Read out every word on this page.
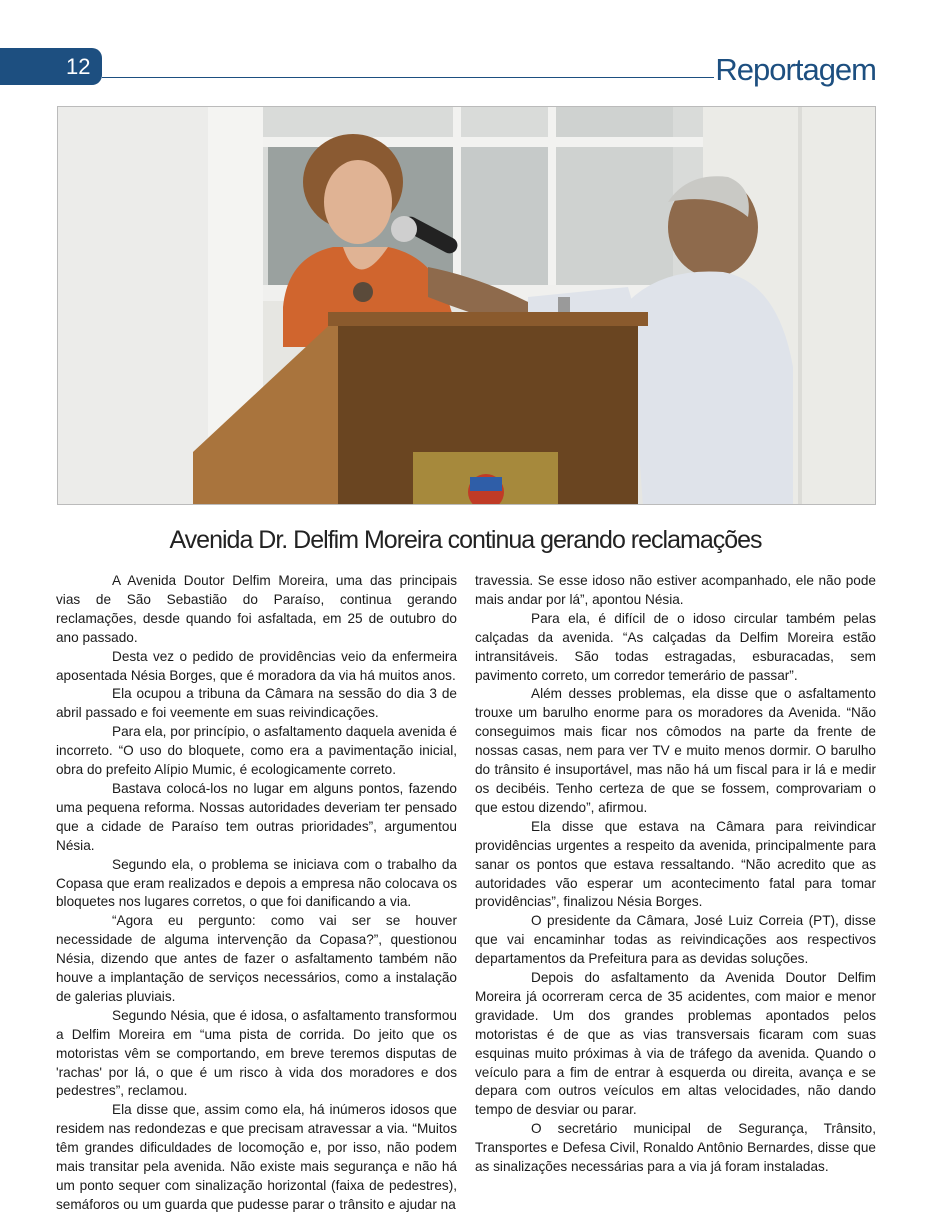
12	Reportagem
Avenida Dr. Delfim Moreira continua gerando reclamações

A Avenida Doutor Delfim Moreira, uma das principais vias de São Sebastião do Paraíso, continua gerando reclamações, desde quando foi asfaltada, em 25 de outubro do ano passado.

Desta vez o pedido de providências veio da enfermeira aposentada Nésia Borges, que é moradora da via há muitos anos.

Ela ocupou a tribuna da Câmara na sessão do dia 3 de abril passado e foi veemente em suas reivindicações.

Para ela, por princípio, o asfaltamento daquela avenida é incorreto. “O uso do bloquete, como era a pavimentação inicial, obra do prefeito Alípio Mumic, é ecologicamente correto.

Bastava colocá-los no lugar em alguns pontos, fazendo uma pequena reforma. Nossas autoridades deveriam ter pensado que a cidade de Paraíso tem outras prioridades”, argumentou Nésia.

Segundo ela, o problema se iniciava com o trabalho da Copasa que eram realizados e depois a empresa não colocava os bloquetes nos lugares corretos, o que foi danificando a via.

“Agora eu pergunto: como vai ser se houver necessidade de alguma intervenção da Copasa?”, questionou Nésia, dizendo que antes de fazer o asfaltamento também não houve a implantação de serviços necessários, como a instalação de galerias pluviais.

Segundo Nésia, que é idosa, o asfaltamento transformou a Delfim Moreira em “uma pista de corrida. Do jeito que os motoristas vêm se comportando, em breve teremos disputas de 'rachas' por lá, o que é um risco à vida dos moradores e dos pedestres”, reclamou.

Ela disse que, assim como ela, há inúmeros idosos que residem nas redondezas e que precisam atravessar a via. “Muitos têm grandes dificuldades de locomoção e, por isso, não podem mais transitar pela avenida. Não existe mais segurança e não há um ponto sequer com sinalização horizontal (faixa de pedestres), semáforos ou um guarda que pudesse parar o trânsito e ajudar na

travessia. Se esse idoso não estiver acompanhado, ele não pode mais andar por lá”, apontou Nésia.

Para ela, é difícil de o idoso circular também pelas calçadas da avenida. “As calçadas da Delfim Moreira estão intransitáveis. São todas estragadas, esburacadas, sem pavimento correto, um corredor temerário de passar”.

Além desses problemas, ela disse que o asfaltamento trouxe um barulho enorme para os moradores da Avenida. “Não conseguimos mais ficar nos cômodos na parte da frente de nossas casas, nem para ver TV e muito menos dormir. O barulho do trânsito é insuportável, mas não há um fiscal para ir lá e medir os decibéis. Tenho certeza de que se fossem, comprovariam o que estou dizendo”, afirmou.

Ela disse que estava na Câmara para reivindicar providências urgentes a respeito da avenida, principalmente para sanar os pontos que estava ressaltando. “Não acredito que as autoridades vão esperar um acontecimento fatal para tomar providências”, finalizou Nésia Borges.

O presidente da Câmara, José Luiz Correia (PT), disse que vai encaminhar todas as reivindicações aos respectivos departamentos da Prefeitura para as devidas soluções.

Depois do asfaltamento da Avenida Doutor Delfim Moreira já ocorreram cerca de 35 acidentes, com maior e menor gravidade. Um dos grandes problemas apontados pelos motoristas é de que as vias transversais ficaram com suas esquinas muito próximas à via de tráfego da avenida. Quando o veículo para a fim de entrar à esquerda ou direita, avança e se depara com outros veículos em altas velocidades, não dando tempo de desviar ou parar.

O secretário municipal de Segurança, Trânsito, Transportes e Defesa Civil, Ronaldo Antônio Bernardes, disse que as sinalizações necessárias para a via já foram instaladas.
